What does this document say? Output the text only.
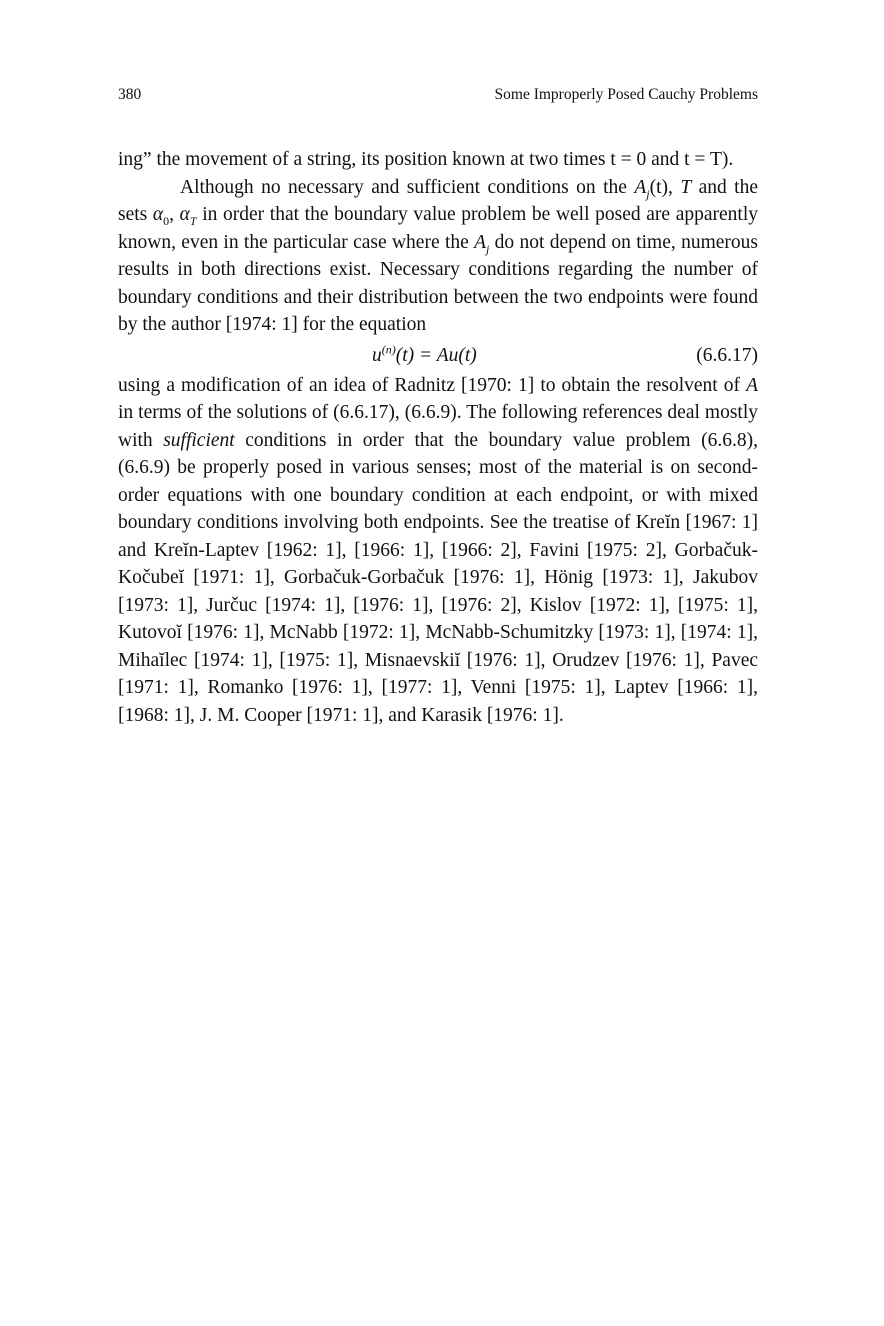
380	Some Improperly Posed Cauchy Problems

ing” the movement of a string, its position known at two times t = 0 and t = T).

Although no necessary and sufficient conditions on the $A_j(t)$, T and the sets $\alpha_0$, $\alpha_T$ in order that the boundary value problem be well posed are apparently known, even in the particular case where the $A_j$ do not depend on time, numerous results in both directions exist. Necessary conditions regarding the number of boundary conditions and their distribution between the two endpoints were found by the author [1974: 1] for the equation

$u^{(n)}(t) = Au(t)$	(6.6.17)

using a modification of an idea of Radnitz [1970: 1] to obtain the resolvent of A in terms of the solutions of (6.6.17), (6.6.9). The following references deal mostly with sufficient conditions in order that the boundary value problem (6.6.8), (6.6.9) be properly posed in various senses; most of the material is on second-order equations with one boundary condition at each endpoint, or with mixed boundary conditions involving both endpoints. See the treatise of Kreĭn [1967: 1] and Kreĭn-Laptev [1962: 1], [1966: 1], [1966: 2], Favini [1975: 2], Gorbačuk-Kočubeĭ [1971: 1], Gorbačuk-Gorbačuk [1976: 1], Hönig [1973: 1], Jakubov [1973: 1], Jurčuc [1974: 1], [1976: 1], [1976: 2], Kislov [1972: 1], [1975: 1], Kutovoĭ [1976: 1], McNabb [1972: 1], McNabb-Schumitzky [1973: 1], [1974: 1], Mihaĭlec [1974: 1], [1975: 1], Misnaevskiĭ [1976: 1], Orudzev [1976: 1], Pavec [1971: 1], Romanko [1976: 1], [1977: 1], Venni [1975: 1], Laptev [1966: 1], [1968: 1], J. M. Cooper [1971: 1], and Karasik [1976: 1].
